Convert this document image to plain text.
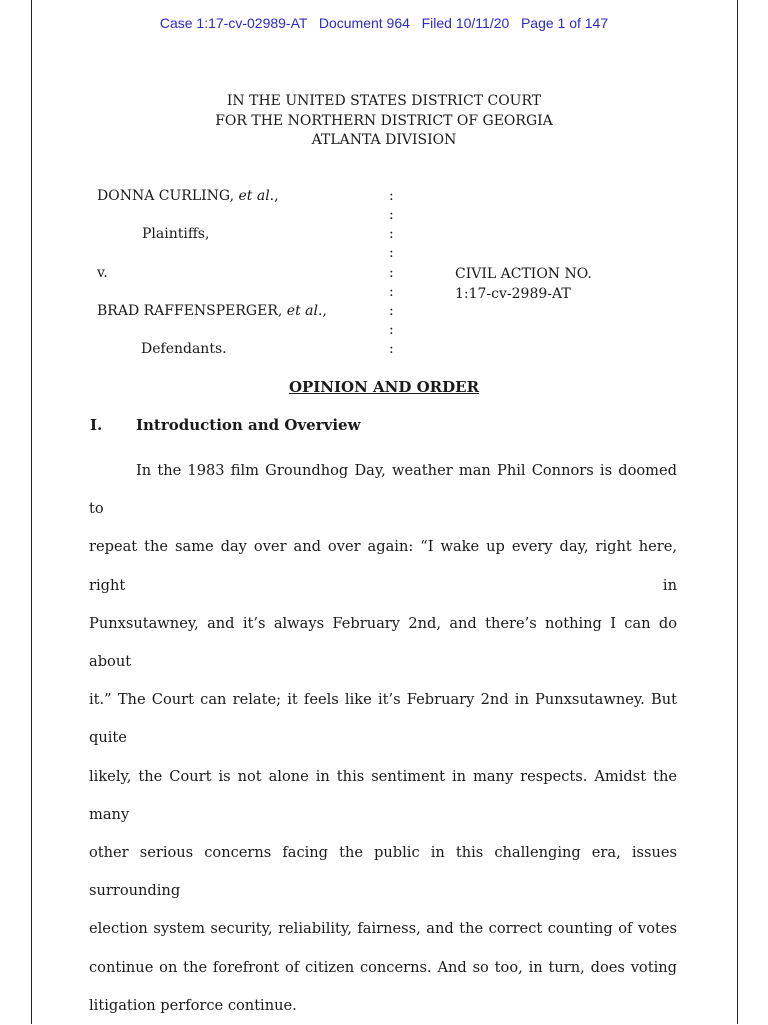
Case 1:17-cv-02989-AT   Document 964   Filed 10/11/20   Page 1 of 147
IN THE UNITED STATES DISTRICT COURT
FOR THE NORTHERN DISTRICT OF GEORGIA
ATLANTA DIVISION
DONNA CURLING, et al.,
Plaintiffs,
v.
BRAD RAFFENSPERGER, et al.,
Defendants.
:
:
:
:
:
:
:
:
:
CIVIL ACTION NO.
1:17-cv-2989-AT
OPINION AND ORDER
I. Introduction and Overview
In the 1983 film Groundhog Day, weather man Phil Connors is doomed to
repeat the same day over and over again: “I wake up every day, right here, right in
Punxsutawney, and it’s always February 2nd, and there’s nothing I can do about
it.” The Court can relate; it feels like it’s February 2nd in Punxsutawney. But quite
likely, the Court is not alone in this sentiment in many respects. Amidst the many
other serious concerns facing the public in this challenging era, issues surrounding
election system security, reliability, fairness, and the correct counting of votes
continue on the forefront of citizen concerns. And so too, in turn, does voting
litigation perforce continue.
